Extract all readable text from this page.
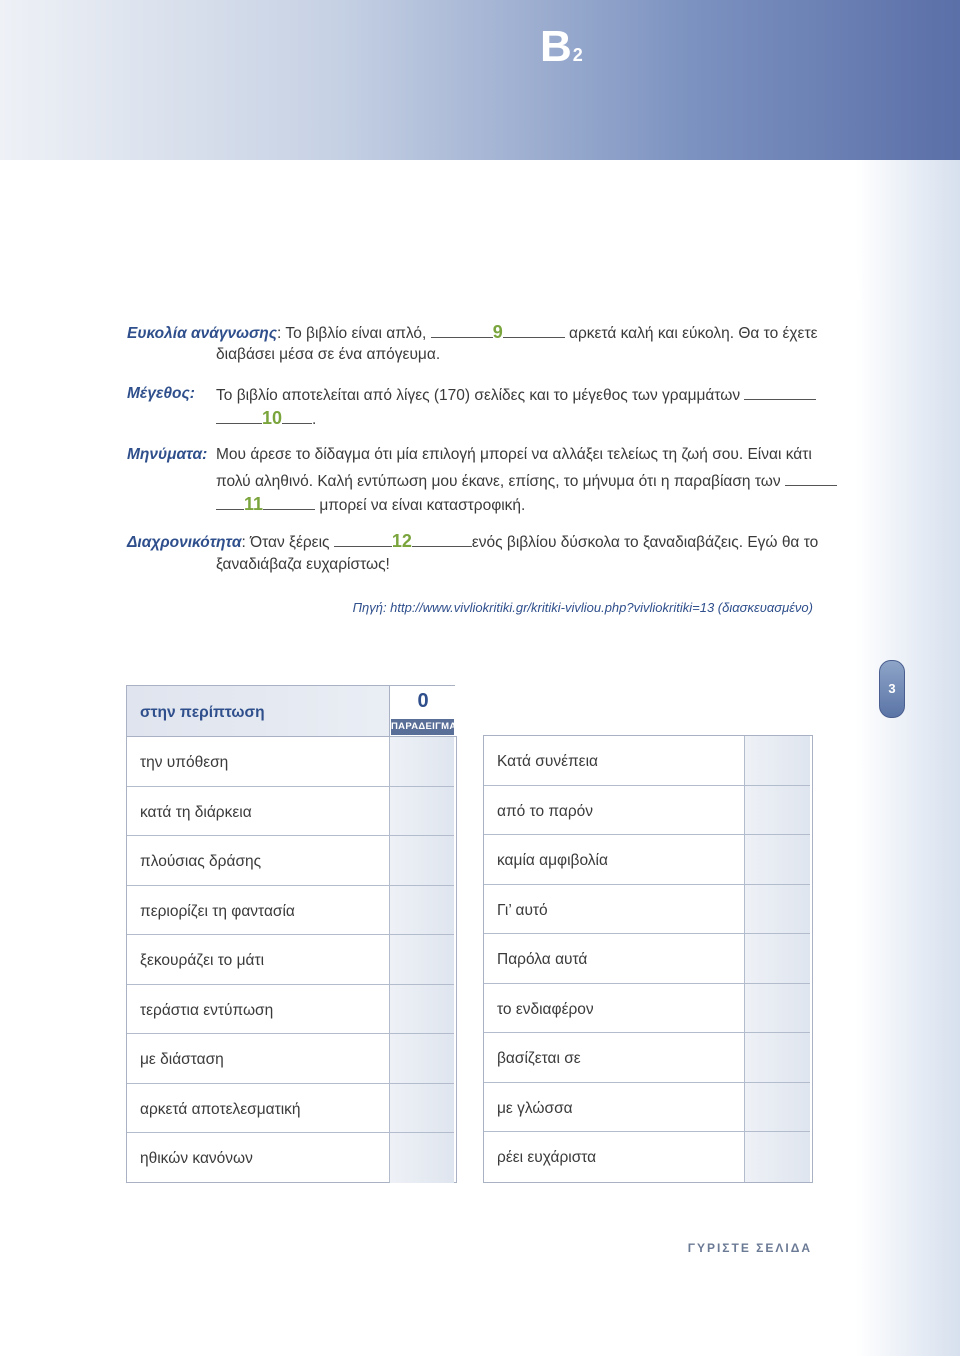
B2
Ευκολία ανάγνωσης: Το βιβλίο είναι απλό,	9	αρκετά καλή και εύκολη. Θα το έχετε
διαβάσει μέσα σε ένα απόγευμα.
Μέγεθος: Το βιβλίο αποτελείται από λίγες (170) σελίδες και το μέγεθος των γραμμάτων
10 .
Μηνύματα: Μου άρεσε το δίδαγμα ότι μία επιλογή μπορεί να αλλάξει τελείως τη ζωή σου. Είναι κάτι
πολύ αληθινό. Καλή εντύπωση μου έκανε, επίσης, το μήνυμα ότι η παραβίαση των
11	μπορεί να είναι καταστροφική.
Διαχρονικότητα: Όταν ξέρεις	12	ενός βιβλίου δύσκολα το ξαναδιαβάζεις. Εγώ θα το
ξαναδιάβαζα ευχαρίστως!
Πηγή: http://www.vivliokritiki.gr/kritiki-vivliou.php?vivliokritiki=13 (διασκευασμένο)
3
στην περίπτωση
0
ΠΑΡΑΔΕΙΓΜΑ
την υπόθεση
κατά τη διάρκεια
πλούσιας δράσης
περιορίζει τη φαντασία
ξεκουράζει το μάτι
τεράστια εντύπωση
με διάσταση
αρκετά αποτελεσματική
ηθικών κανόνων
Κατά συνέπεια
από το παρόν
καμία αμφιβολία
Γι’ αυτό
Παρόλα αυτά
το ενδιαφέρον
βασίζεται σε
με γλώσσα
ρέει ευχάριστα
ΓΥΡΙΣΤΕ ΣΕΛΙΔΑ
